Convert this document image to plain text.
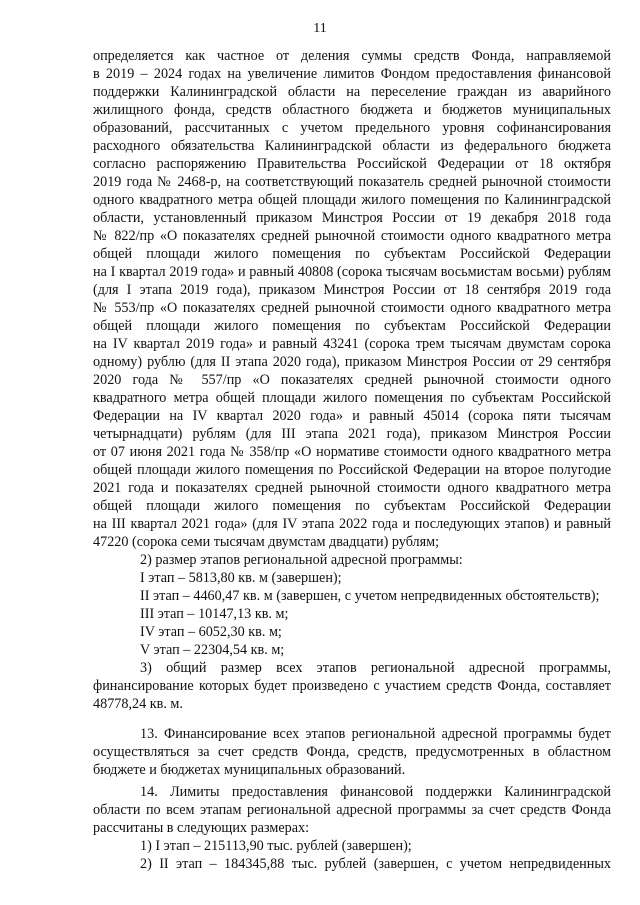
11
определяется как частное от деления суммы средств Фонда, направляемой
в 2019 – 2024 годах на увеличение лимитов Фондом предоставления финансовой
поддержки Калининградской области на переселение граждан из аварийного
жилищного фонда, средств областного бюджета и бюджетов муниципальных
образований, рассчитанных с учетом предельного уровня софинансирования
расходного обязательства Калининградской области из федерального бюджета
согласно распоряжению Правительства Российской Федерации от 18 октября
2019 года № 2468-р, на соответствующий показатель средней рыночной стоимости
одного квадратного метра общей площади жилого помещения по Калининградской
области, установленный приказом Минстроя России от 19 декабря 2018 года
№ 822/пр «О показателях средней рыночной стоимости одного квадратного метра
общей площади жилого помещения по субъектам Российской Федерации
на I квартал 2019 года» и равный 40808 (сорока тысячам восьмистам восьми) рублям
(для I этапа 2019 года), приказом Минстроя России от 18 сентября 2019 года
№ 553/пр «О показателях средней рыночной стоимости одного квадратного метра
общей площади жилого помещения по субъектам Российской Федерации
на IV квартал 2019 года» и равный 43241 (сорока трем тысячам двумстам сорока
одному) рублю (для II этапа 2020 года), приказом Минстроя России от 29 сентября
2020 года № 557/пр «О показателях средней рыночной стоимости одного
квадратного метра общей площади жилого помещения по субъектам Российской
Федерации на IV квартал 2020 года» и равный 45014 (сорока пяти тысячам
четырнадцати) рублям (для III этапа 2021 года), приказом Минстроя России
от 07 июня 2021 года № 358/пр «О нормативе стоимости одного квадратного метра
общей площади жилого помещения по Российской Федерации на второе полугодие
2021 года и показателях средней рыночной стоимости одного квадратного метра
общей площади жилого помещения по субъектам Российской Федерации
на III квартал 2021 года» (для IV этапа 2022 года и последующих этапов) и равный
47220 (сорока семи тысячам двумстам двадцати) рублям;
2) размер этапов региональной адресной программы:
I этап – 5813,80 кв. м (завершен);
II этап – 4460,47 кв. м (завершен, с учетом непредвиденных обстоятельств);
III этап – 10147,13 кв. м;
IV этап – 6052,30 кв. м;
V этап – 22304,54 кв. м;
3) общий размер всех этапов региональной адресной программы,
финансирование которых будет произведено с участием средств Фонда, составляет
48778,24 кв. м.
13. Финансирование всех этапов региональной адресной программы будет
осуществляться за счет средств Фонда, средств, предусмотренных в областном
бюджете и бюджетах муниципальных образований.
14. Лимиты предоставления финансовой поддержки Калининградской
области по всем этапам региональной адресной программы за счет средств Фонда
рассчитаны в следующих размерах:
1) I этап – 215113,90 тыс. рублей (завершен);
2) II этап – 184345,88 тыс. рублей (завершен, с учетом непредвиденных
